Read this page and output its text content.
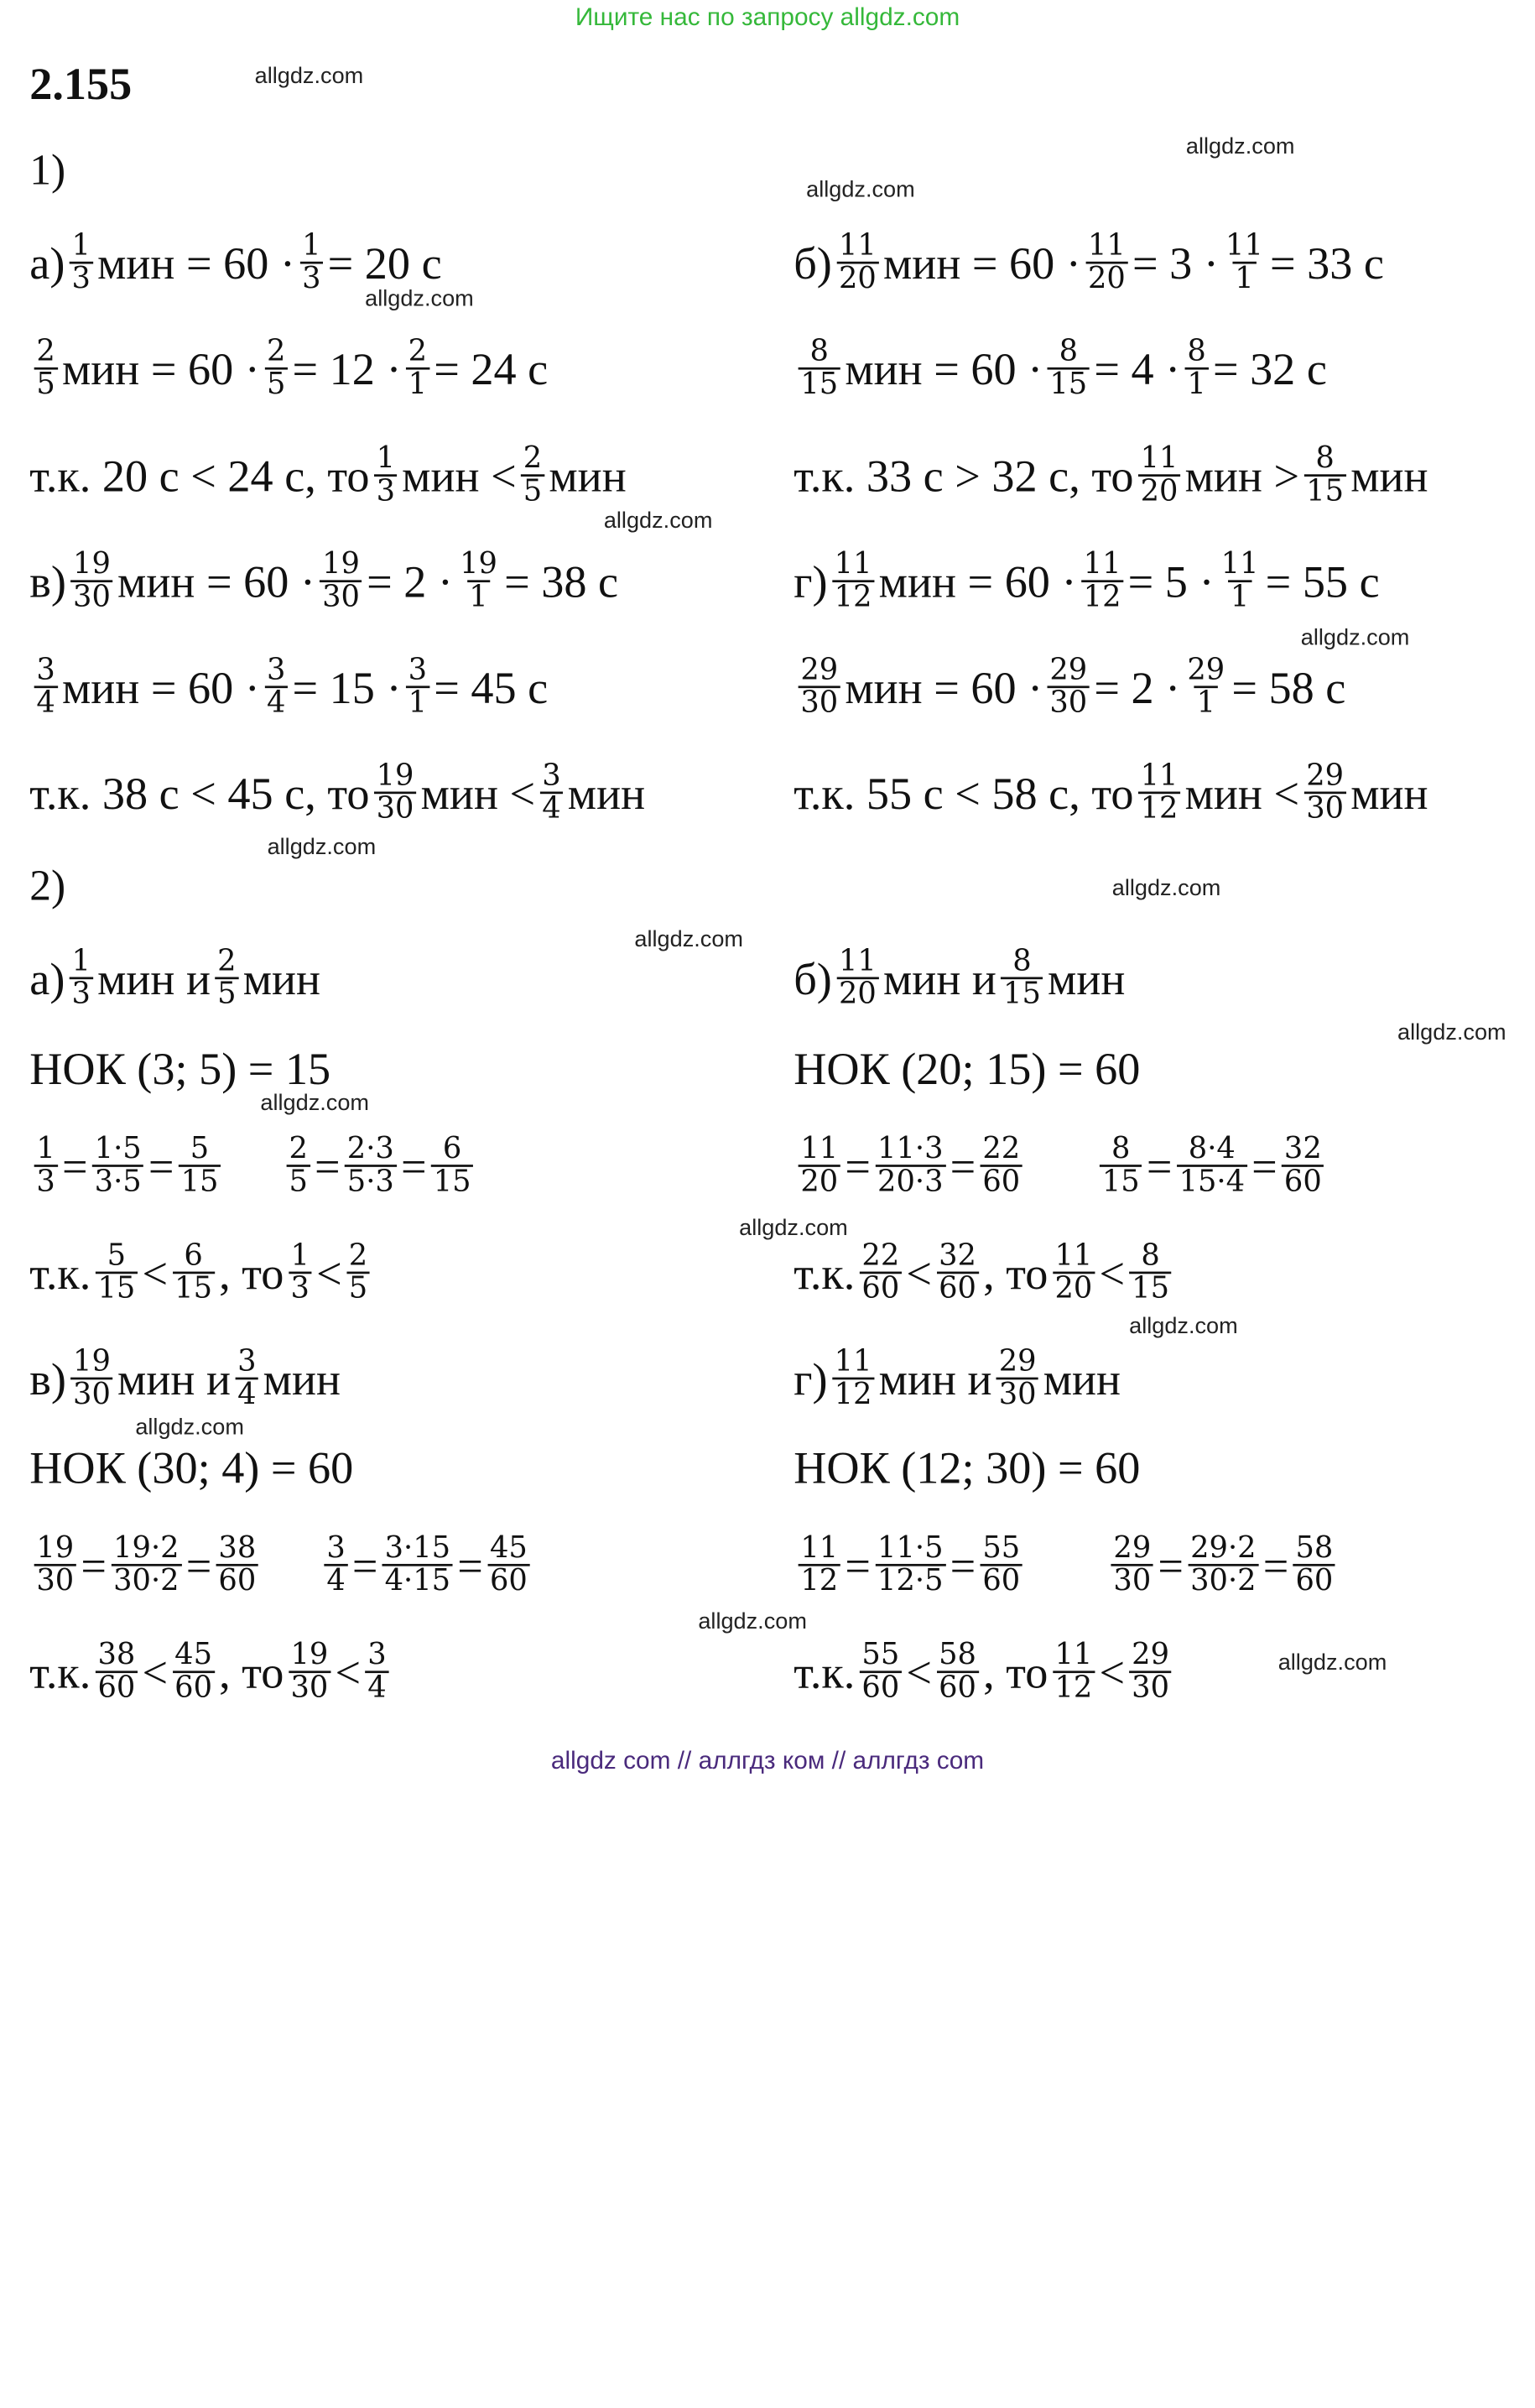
Ищите нас по запросу allgdz.com
2.155	allgdz.com
allgdz.com
allgdz.com
allgdz.com
allgdz.com
allgdz.com
allgdz.com
allgdz.com
allgdz.com
allgdz.com
allgdz.com
allgdz.com
allgdz.com
allgdz.com
allgdz.com
allgdz.com
1)
$а) \frac{1}{3}$ мин = $60 \cdot \frac{1}{3} = 20$ с
$\frac{2}{5}$ мин = $60 \cdot \frac{2}{5} = 12 \cdot \frac{2}{1} = 24$ с
т.к. 20 с < 24 с, то $\frac{1}{3}$ мин < $\frac{2}{5}$ мин
$б) \frac{11}{20}$ мин = $60 \cdot \frac{11}{20} = 3 \cdot \frac{11}{1} = 33$ с
$\frac{8}{15}$ мин = $60 \cdot \frac{8}{15} = 4 \cdot \frac{8}{1} = 32$ с
т.к. 33 с > 32 с, то $\frac{11}{20}$ мин > $\frac{8}{15}$ мин
$в) \frac{19}{30}$ мин = $60 \cdot \frac{19}{30} = 2 \cdot \frac{19}{1} = 38$ с
$\frac{3}{4}$ мин = $60 \cdot \frac{3}{4} = 15 \cdot \frac{3}{1} = 45$ с
т.к. 38 с < 45 с, то $\frac{19}{30}$ мин < $\frac{3}{4}$ мин
$г) \frac{11}{12}$ мин = $60 \cdot \frac{11}{12} = 5 \cdot \frac{11}{1} = 55$ с
$\frac{29}{30}$ мин = $60 \cdot \frac{29}{30} = 2 \cdot \frac{29}{1} = 58$ с
т.к. 55 с < 58 с, то $\frac{11}{12}$ мин < $\frac{29}{30}$ мин
2)
$а) \frac{1}{3}$ мин и $\frac{2}{5}$ мин
НОК (3; 5) = 15
$\frac{1}{3} = \frac{1\cdot 5}{3\cdot 5} = \frac{5}{15}$	$\frac{2}{5} = \frac{2\cdot 3}{5\cdot 3} = \frac{6}{15}$
т.к. $\frac{5}{15} < \frac{6}{15}$ , то $\frac{1}{3} < \frac{2}{5}$
$б) \frac{11}{20}$ мин и $\frac{8}{15}$ мин
НОК (20; 15) = 60
$\frac{11}{20} = \frac{11\cdot 3}{20\cdot 3} = \frac{22}{60}$	$\frac{8}{15} = \frac{8\cdot 4}{15\cdot 4} = \frac{32}{60}$
т.к. $\frac{22}{60} < \frac{32}{60}$ , то $\frac{11}{20} < \frac{8}{15}$
$в) \frac{19}{30}$ мин и $\frac{3}{4}$ мин
НОК (30; 4) = 60
$\frac{19}{30} = \frac{19\cdot 2}{30\cdot 2} = \frac{38}{60}$	$\frac{3}{4} = \frac{3\cdot 15}{4\cdot 15} = \frac{45}{60}$
т.к. $\frac{38}{60} < \frac{45}{60}$ , то $\frac{19}{30} < \frac{3}{4}$
$г) \frac{11}{12}$ мин и $\frac{29}{30}$ мин
НОК (12; 30) = 60
$\frac{11}{12} = \frac{11\cdot 5}{12\cdot 5} = \frac{55}{60}$	$\frac{29}{30} = \frac{29\cdot 2}{30\cdot 2} = \frac{58}{60}$
т.к. $\frac{55}{60} < \frac{58}{60}$ , то $\frac{11}{12} < \frac{29}{30}$
allgdz com // аллгдз ком // аллгдз com
